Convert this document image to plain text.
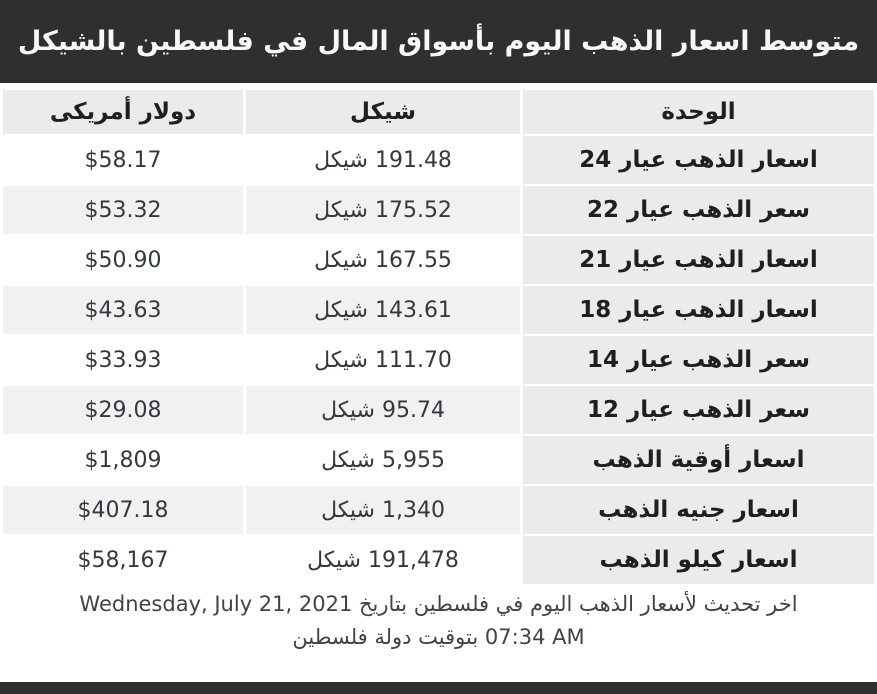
متوسط اسعار الذهب اليوم بأسواق المال في فلسطين بالشيكل
الوحدة	شيكل	دولار أمريكى
اسعار الذهب عيار 24	191.48 شيكل	$58.17
سعر الذهب عيار 22	175.52 شيكل	$53.32
اسعار الذهب عيار 21	167.55 شيكل	$50.90
اسعار الذهب عيار 18	143.61 شيكل	$43.63
سعر الذهب عيار 14	111.70 شيكل	$33.93
سعر الذهب عيار 12	95.74 شيكل	$29.08
اسعار أوقية الذهب	5,955 شيكل	$1,809
اسعار جنيه الذهب	1,340 شيكل	$407.18
اسعار كيلو الذهب	191,478 شيكل	$58,167

اخر تحديث لأسعار الذهب اليوم في فلسطين بتاريخ Wednesday, July 21, 2021

07:34 AM بتوقيت دولة فلسطين
